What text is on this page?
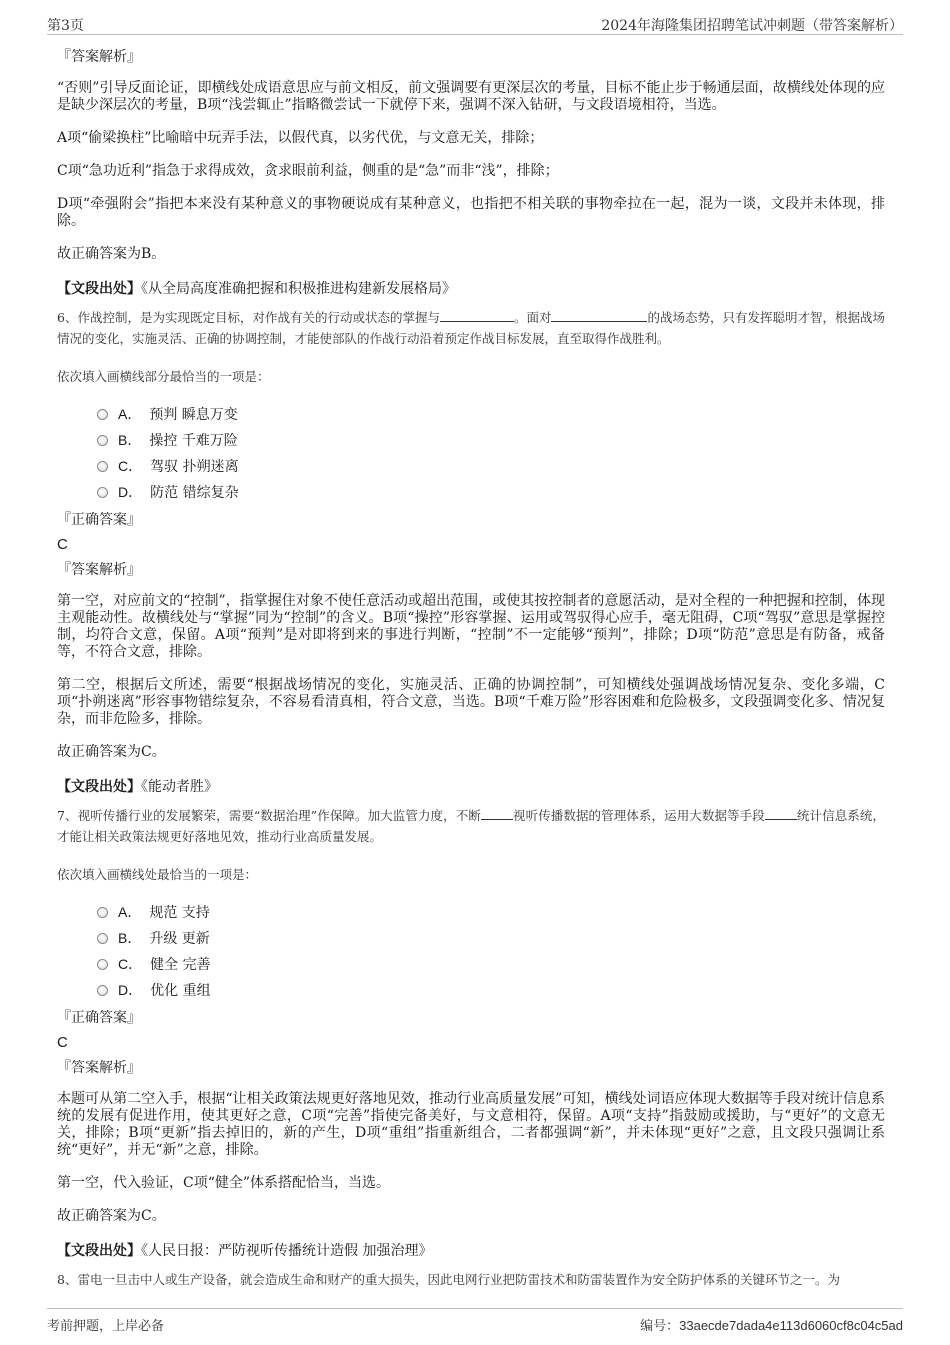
第3页	2024年海隆集团招聘笔试冲刺题（带答案解析）
『答案解析』

“否则”引导反面论证，即横线处成语意思应与前文相反，前文强调要有更深层次的考量，目标不能止步于畅通层面，故横线处体现的应是缺少深层次的考量，B项“浅尝辄止”指略微尝试一下就停下来，强调不深入钻研，与文段语境相符，当选。

A项“偷梁换柱”比喻暗中玩弄手法，以假代真，以劣代优，与文意无关，排除；

C项“急功近利”指急于求得成效，贪求眼前利益，侧重的是“急”而非“浅”，排除；

D项“牵强附会”指把本来没有某种意义的事物硬说成有某种意义，也指把不相关联的事物牵拉在一起，混为一谈，文段并未体现，排除。

故正确答案为B。

【文段出处】《从全局高度准确把握和积极推进构建新发展格局》
6、作战控制，是为实现既定目标，对作战有关的行动或状态的掌握与	。面对	的战场态势，只有发挥聪明才智，根据战场情况的变化，实施灵活、正确的协调控制，才能使部队的作战行动沿着预定作战目标发展，直至取得作战胜利。
依次填入画横线部分最恰当的一项是：
A． 预判 瞬息万变
B． 操控 千难万险
C． 驾驭 扑朔迷离
D． 防范 错综复杂
『正确答案』
C
『答案解析』

第一空，对应前文的“控制”，指掌握住对象不使任意活动或超出范围，或使其按控制者的意愿活动，是对全程的一种把握和控制，体现主观能动性。故横线处与“掌握”同为“控制”的含义。B项“操控”形容掌握、运用或驾驭得心应手，毫无阻碍，C项“驾驭”意思是掌握控制，均符合文意，保留。A项“预判”是对即将到来的事进行判断，“控制”不一定能够“预判”，排除；D项“防范”意思是有防备，戒备等，不符合文意，排除。

第二空，根据后文所述，需要“根据战场情况的变化，实施灵活、正确的协调控制”，可知横线处强调战场情况复杂、变化多端，C项“扑朔迷离”形容事物错综复杂，不容易看清真相，符合文意，当选。B项“千难万险”形容困难和危险极多，文段强调变化多、情况复杂，而非危险多，排除。

故正确答案为C。

【文段出处】《能动者胜》
7、视听传播行业的发展繁荣，需要“数据治理”作保障。加大监管力度，不断	视听传播数据的管理体系，运用大数据等手段	统计信息系统，才能让相关政策法规更好落地见效，推动行业高质量发展。
依次填入画横线处最恰当的一项是：
A． 规范 支持
B． 升级 更新
C． 健全 完善
D． 优化 重组
『正确答案』
C
『答案解析』

本题可从第二空入手，根据“让相关政策法规更好落地见效，推动行业高质量发展”可知，横线处词语应体现大数据等手段对统计信息系统的发展有促进作用，使其更好之意，C项“完善”指使完备美好，与文意相符，保留。A项“支持”指鼓励或援助，与“更好”的文意无关，排除；B项“更新”指去掉旧的，新的产生，D项“重组”指重新组合，二者都强调“新”，并未体现“更好”之意，且文段只强调让系统“更好”，并无“新”之意，排除。

第一空，代入验证，C项“健全”体系搭配恰当，当选。

故正确答案为C。

【文段出处】《人民日报：严防视听传播统计造假 加强治理》
8、雷电一旦击中人或生产设备，就会造成生命和财产的重大损失，因此电网行业把防雷技术和防雷装置作为安全防护体系的关键环节之一。为
考前押题，上岸必备	编号：33aecde7dada4e113d6060cf8c04c5ad
